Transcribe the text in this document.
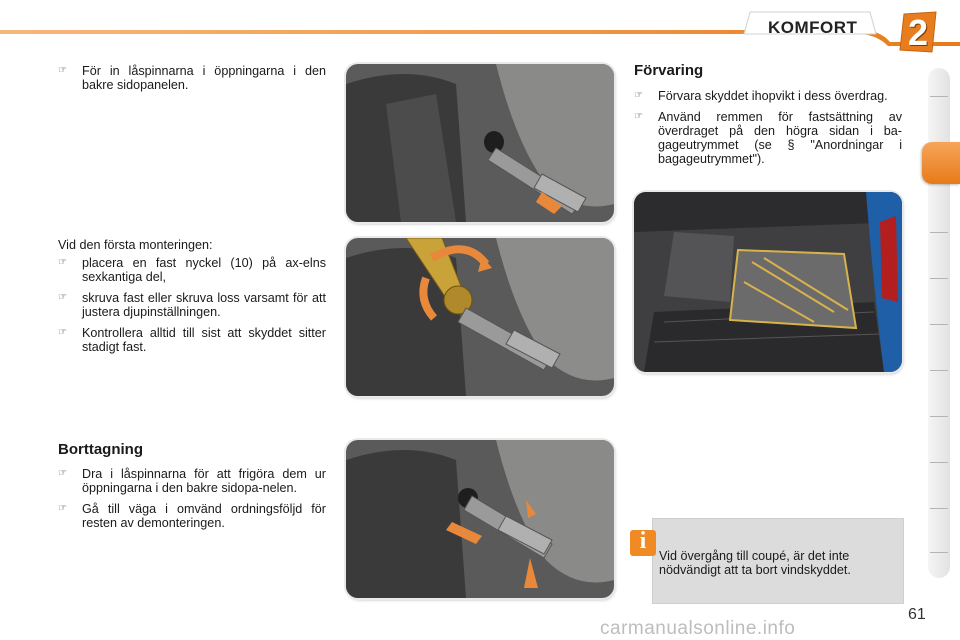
KOMFORT 2
☞ För in låspinnarna i öppningarna i den bakre sidopanelen.
Vid den första monteringen:
☞ placera en fast nyckel (10) på ax-elns sexkantiga del,
☞ skruva fast eller skruva loss varsamt för att justera djupinställningen.
☞ Kontrollera alltid till sist att skyddet sitter stadigt fast.
Borttagning
☞ Dra i låspinnarna för att frigöra dem ur öppningarna i den bakre sidopa-nelen.
☞ Gå till väga i omvänd ordningsföljd för resten av demonteringen.
Förvaring
☞ Förvara skyddet ihopvikt i dess överdrag.
☞ Använd remmen för fastsättning av överdraget på den högra sidan i ba-gageutrymmet (se § "Anordningar i bagageutrymmet").
Vid övergång till coupé, är det inte nödvändigt att ta bort vindskyddet.
i
61
carmanualsonline.info
